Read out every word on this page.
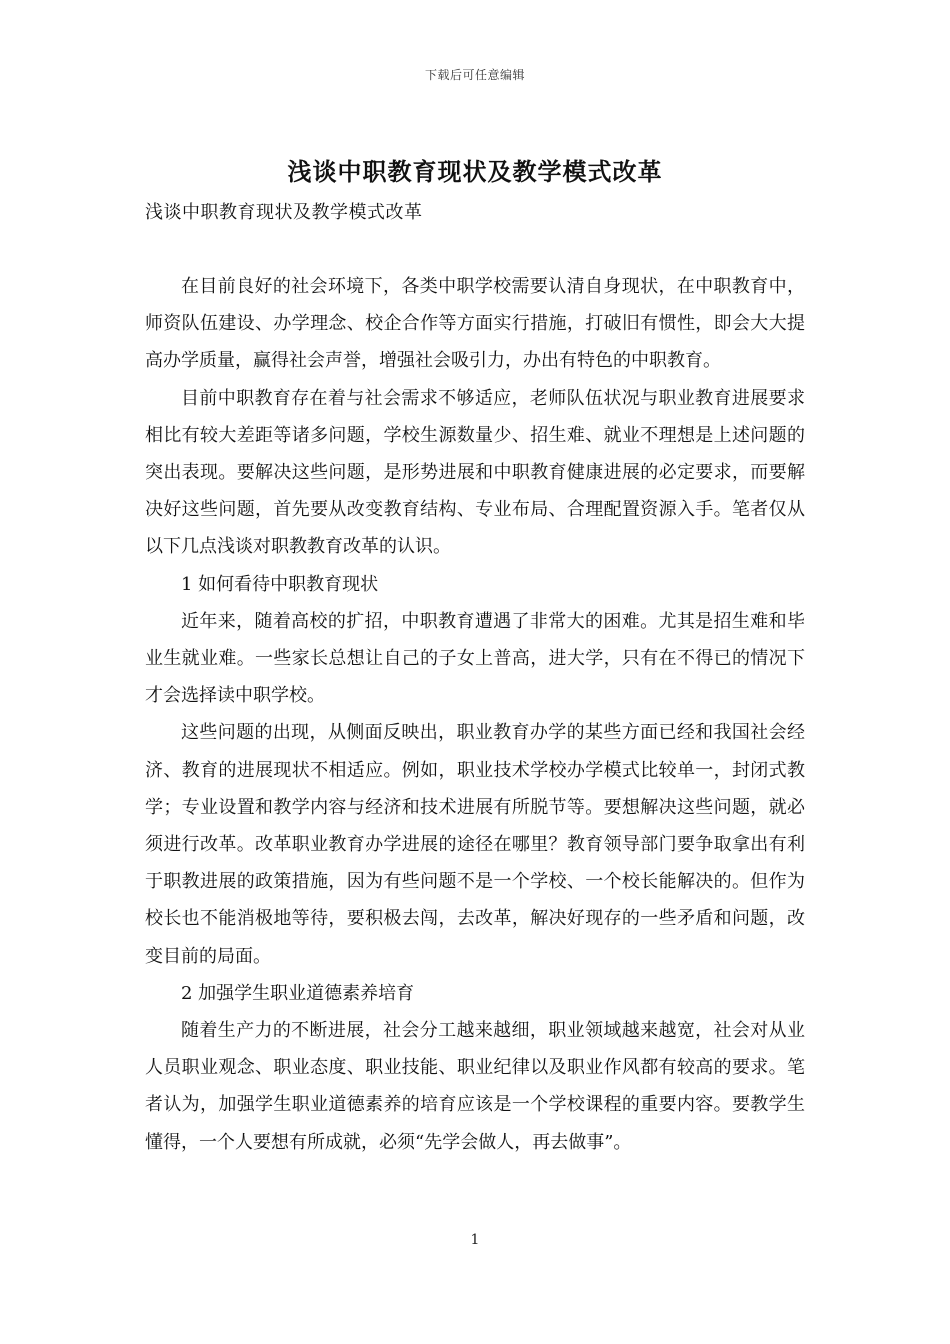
下载后可任意编辑
浅谈中职教育现状及教学模式改革
浅谈中职教育现状及教学模式改革

在目前良好的社会环境下，各类中职学校需要认清自身现状，在中职教育中，师资队伍建设、办学理念、校企合作等方面实行措施，打破旧有惯性，即会大大提高办学质量，赢得社会声誉，增强社会吸引力，办出有特色的中职教育。

目前中职教育存在着与社会需求不够适应，老师队伍状况与职业教育进展要求相比有较大差距等诸多问题，学校生源数量少、招生难、就业不理想是上述问题的突出表现。要解决这些问题，是形势进展和中职教育健康进展的必定要求，而要解决好这些问题，首先要从改变教育结构、专业布局、合理配置资源入手。笔者仅从以下几点浅谈对职教教育改革的认识。

1 如何看待中职教育现状

近年来，随着高校的扩招，中职教育遭遇了非常大的困难。尤其是招生难和毕业生就业难。一些家长总想让自己的子女上普高，进大学，只有在不得已的情况下才会选择读中职学校。

这些问题的出现，从侧面反映出，职业教育办学的某些方面已经和我国社会经济、教育的进展现状不相适应。例如，职业技术学校办学模式比较单一，封闭式教学；专业设置和教学内容与经济和技术进展有所脱节等。要想解决这些问题，就必须进行改革。改革职业教育办学进展的途径在哪里？教育领导部门要争取拿出有利于职教进展的政策措施，因为有些问题不是一个学校、一个校长能解决的。但作为校长也不能消极地等待，要积极去闯，去改革，解决好现存的一些矛盾和问题，改变目前的局面。

2 加强学生职业道德素养培育

随着生产力的不断进展，社会分工越来越细，职业领域越来越宽，社会对从业人员职业观念、职业态度、职业技能、职业纪律以及职业作风都有较高的要求。笔者认为，加强学生职业道德素养的培育应该是一个学校课程的重要内容。要教学生懂得，一个人要想有所成就，必须“先学会做人，再去做事”。

1
